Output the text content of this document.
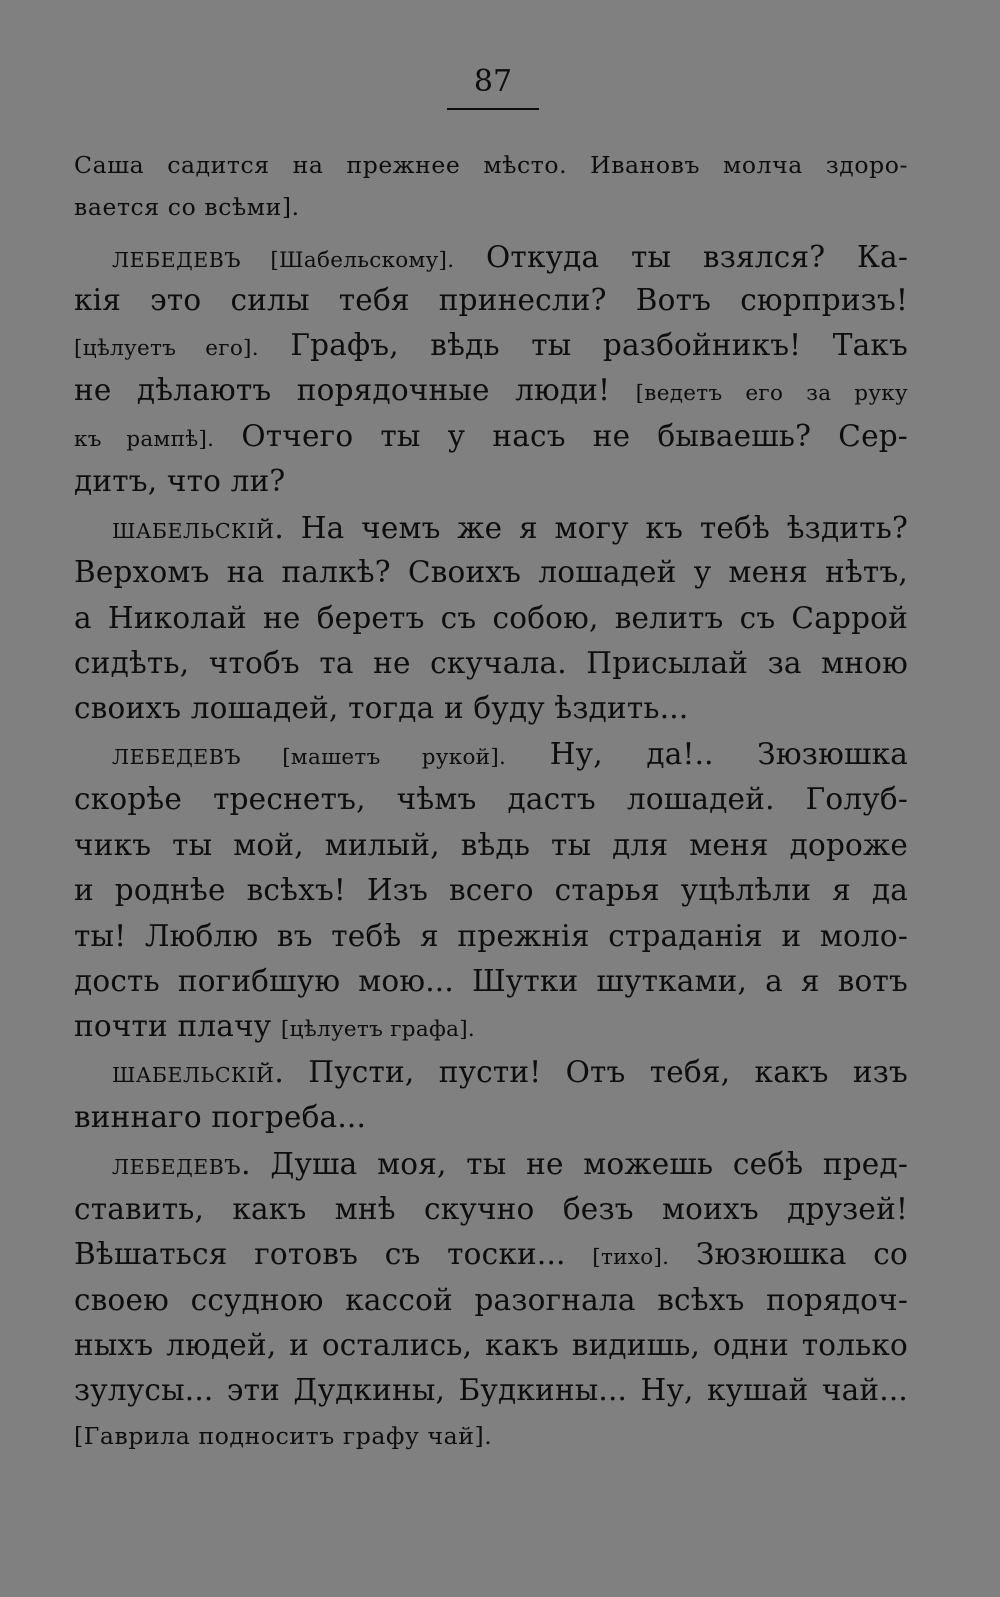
87
Саша садится на прежнее мѣсто. Ивановъ молча здоро-
вается со всѣми].
ЛЕБЕДЕВЪ [Шабельскому]. Откуда ты взялся? Ка-
кія это силы тебя принесли? Вотъ сюрпризъ!
[цѣлуетъ его]. Графъ, вѣдь ты разбойникъ! Такъ
не дѣлаютъ порядочные люди! [ведетъ его за руку
къ рампѣ]. Отчего ты у насъ не бываешь? Сер-
дитъ, что ли?
ШАБЕЛЬСКІЙ. На чемъ же я могу къ тебѣ ѣздить?
Верхомъ на палкѣ? Своихъ лошадей у меня нѣтъ,
а Николай не беретъ съ собою, велитъ съ Саррой
сидѣть, чтобъ та не скучала. Присылай за мною
своихъ лошадей, тогда и буду ѣздить...
ЛЕБЕДЕВЪ [машетъ рукой]. Ну, да!.. Зюзюшка
скорѣе треснетъ, чѣмъ дастъ лошадей. Голуб-
чикъ ты мой, милый, вѣдь ты для меня дороже
и роднѣе всѣхъ! Изъ всего старья уцѣлѣли я да
ты! Люблю въ тебѣ я прежнія страданія и моло-
дость погибшую мою... Шутки шутками, а я вотъ
почти плачу [цѣлуетъ графа].
ШАБЕЛЬСКІЙ. Пусти, пусти! Отъ тебя, какъ изъ
виннаго погреба...
ЛЕБЕДЕВЪ. Душа моя, ты не можешь себѣ пред-
ставить, какъ мнѣ скучно безъ моихъ друзей!
Вѣшаться готовъ съ тоски... [тихо]. Зюзюшка со
своею ссудною кассой разогнала всѣхъ порядоч-
ныхъ людей, и остались, какъ видишь, одни только
зулусы... эти Дудкины, Будкины... Ну, кушай чай...
[Гаврила подноситъ графу чай].
